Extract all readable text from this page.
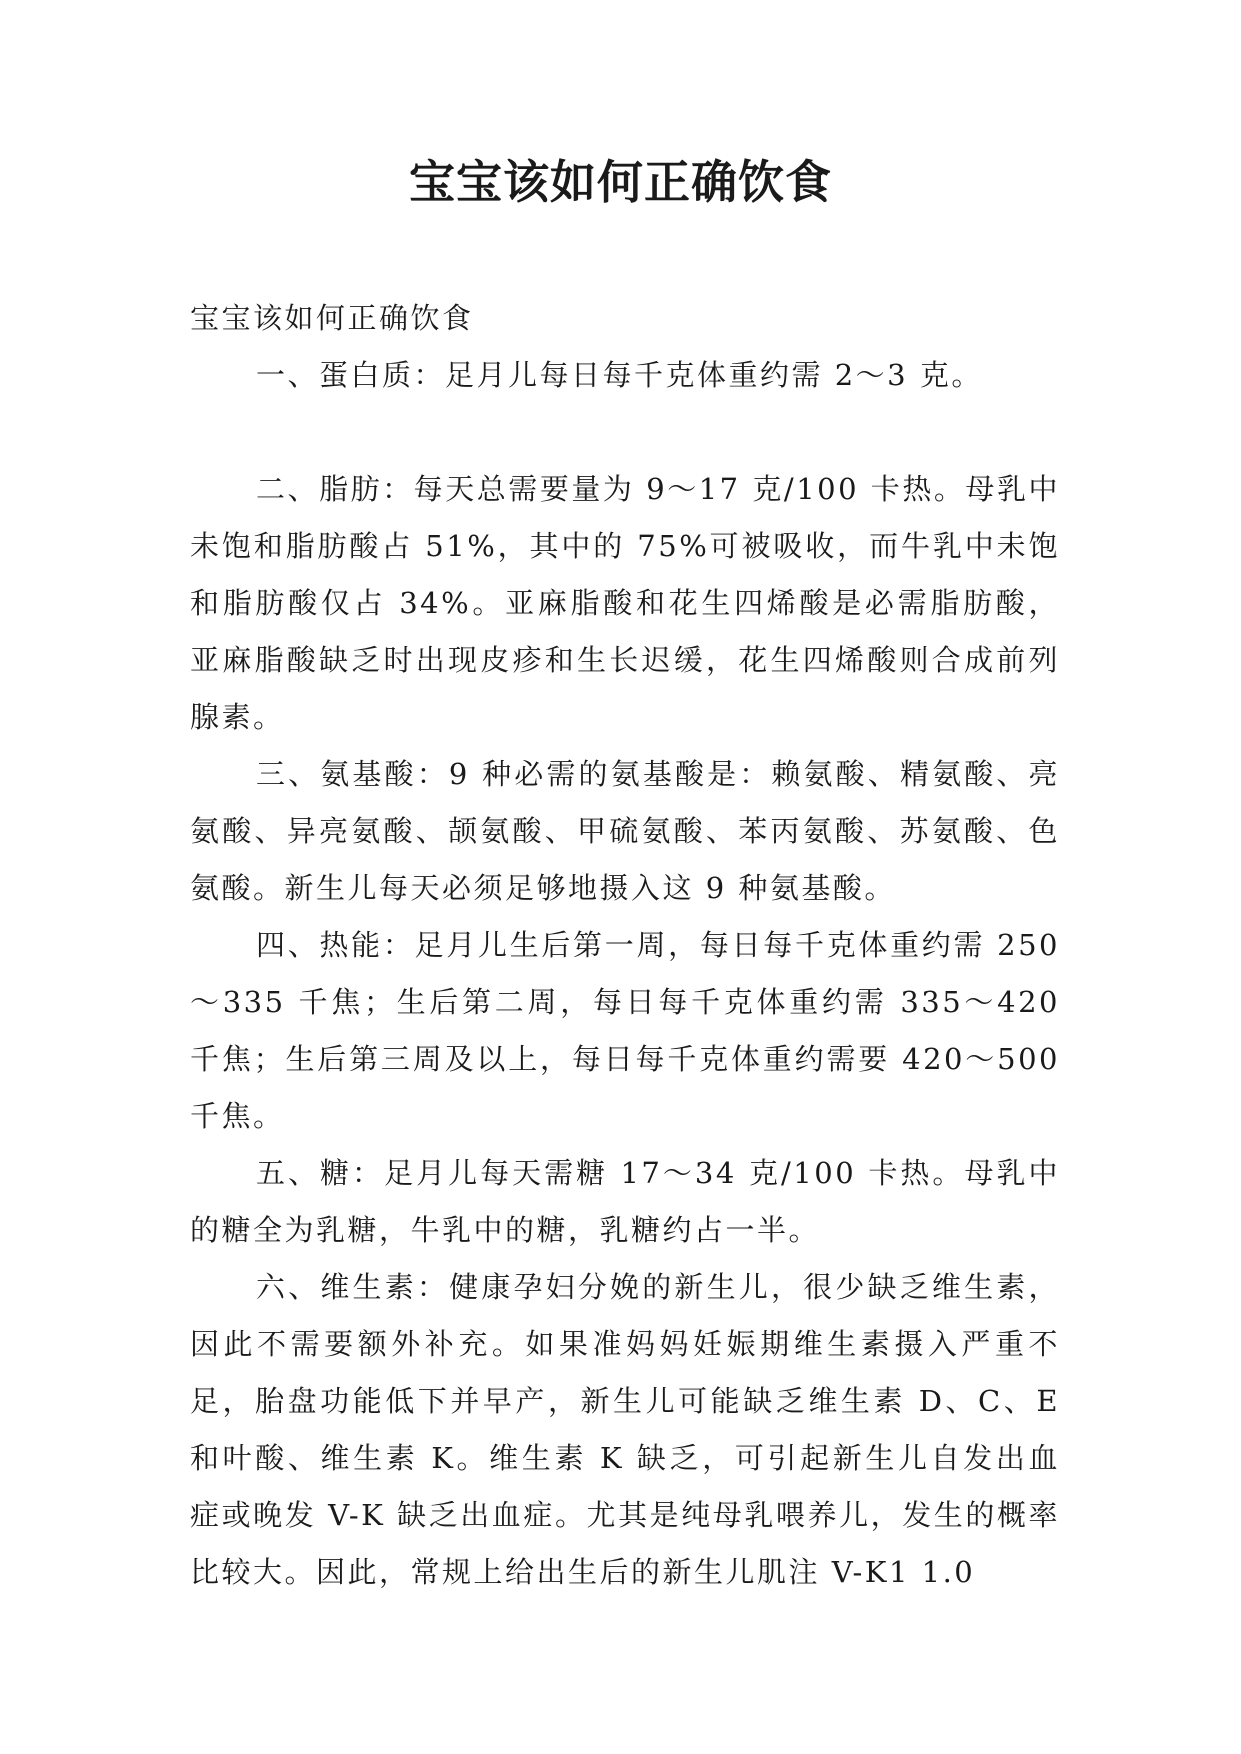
宝宝该如何正确饮食

宝宝该如何正确饮食

一、蛋白质：足月儿每日每千克体重约需 2～3 克。

二、脂肪：每天总需要量为 9～17 克/100 卡热。母乳中未饱和脂肪酸占 51%，其中的 75%可被吸收，而牛乳中未饱和脂肪酸仅占 34%。亚麻脂酸和花生四烯酸是必需脂肪酸，亚麻脂酸缺乏时出现皮疹和生长迟缓，花生四烯酸则合成前列腺素。

三、氨基酸：9 种必需的氨基酸是：赖氨酸、精氨酸、亮氨酸、异亮氨酸、颉氨酸、甲硫氨酸、苯丙氨酸、苏氨酸、色氨酸。新生儿每天必须足够地摄入这 9 种氨基酸。

四、热能：足月儿生后第一周，每日每千克体重约需 250～335 千焦；生后第二周，每日每千克体重约需 335～420 千焦；生后第三周及以上，每日每千克体重约需要 420～500 千焦。

五、糖：足月儿每天需糖 17～34 克/100 卡热。母乳中的糖全为乳糖，牛乳中的糖，乳糖约占一半。

六、维生素：健康孕妇分娩的新生儿，很少缺乏维生素，因此不需要额外补充。如果准妈妈妊娠期维生素摄入严重不足，胎盘功能低下并早产，新生儿可能缺乏维生素 D、C、E 和叶酸、维生素 K。维生素 K 缺乏，可引起新生儿自发出血症或晚发 V-K 缺乏出血症。尤其是纯母乳喂养儿，发生的概率比较大。因此，常规上给出生后的新生儿肌注 V-K1 1.0
